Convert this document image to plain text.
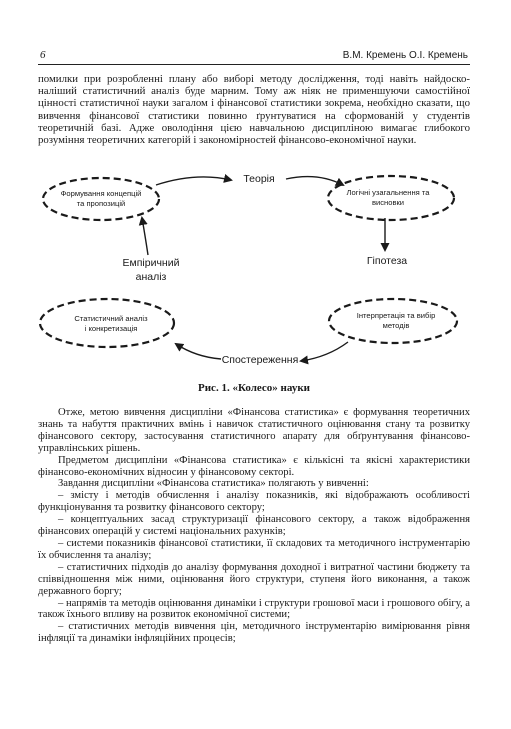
6	В.М. Кремень О.І. Кремень

помилки при розробленні плану або виборі методу дослідження, тоді навіть найдосконаліший статистичний аналіз буде марним. Тому аж ніяк не применшуючи самостійної цінності статистичної науки загалом і фінансової статистики зокрема, необхідно сказати, що вивчення фінансової статистики повинно ґрунтуватися на сформованій у студентів теоретичній базі. Адже оволодіння цією навчальною дисципліною вимагає глибокого розуміння теоретичних категорій і закономірностей фінансово-економічної науки.

Формування концепцій
та пропозицій
Логічні узагальнення та
висновки
Інтерпретація та вибір
методів
Статистичний аналіз
і конкретизація
Теорія
Гіпотеза
Спостереження
Емпіричний
аналіз
Рис. 1. «Колесо» науки

Отже, метою вивчення дисципліни «Фінансова статистика» є формування теоретичних знань та набуття практичних вмінь і навичок статистичного оцінювання стану та розвитку фінансового сектору, застосування статистичного апарату для обґрунтування фінансово-управлінських рішень.

Предметом дисципліни «Фінансова статистика» є кількісні та якісні характеристики фінансово-економічних відносин у фінансовому секторі.

Завдання дисципліни «Фінансова статистика» полягають у вивченні:

– змісту і методів обчислення і аналізу показників, які відображають особливості функціонування та розвитку фінансового сектору;

– концептуальних засад структуризації фінансового сектору, а також відображення фінансових операцій у системі національних рахунків;

– системи показників фінансової статистики, її складових та методичного інструментарію їх обчислення та аналізу;

– статистичних підходів до аналізу формування доходної і витратної частини бюджету та співвідношення між ними, оцінювання його структури, ступеня його виконання, а також державного боргу;

– напрямів та методів оцінювання динаміки і структури грошової маси і грошового обігу, а також їхнього впливу на розвиток економічної системи;

– статистичних методів вивчення цін, методичного інструментарію вимірювання рівня інфляції та динаміки інфляційних процесів;
